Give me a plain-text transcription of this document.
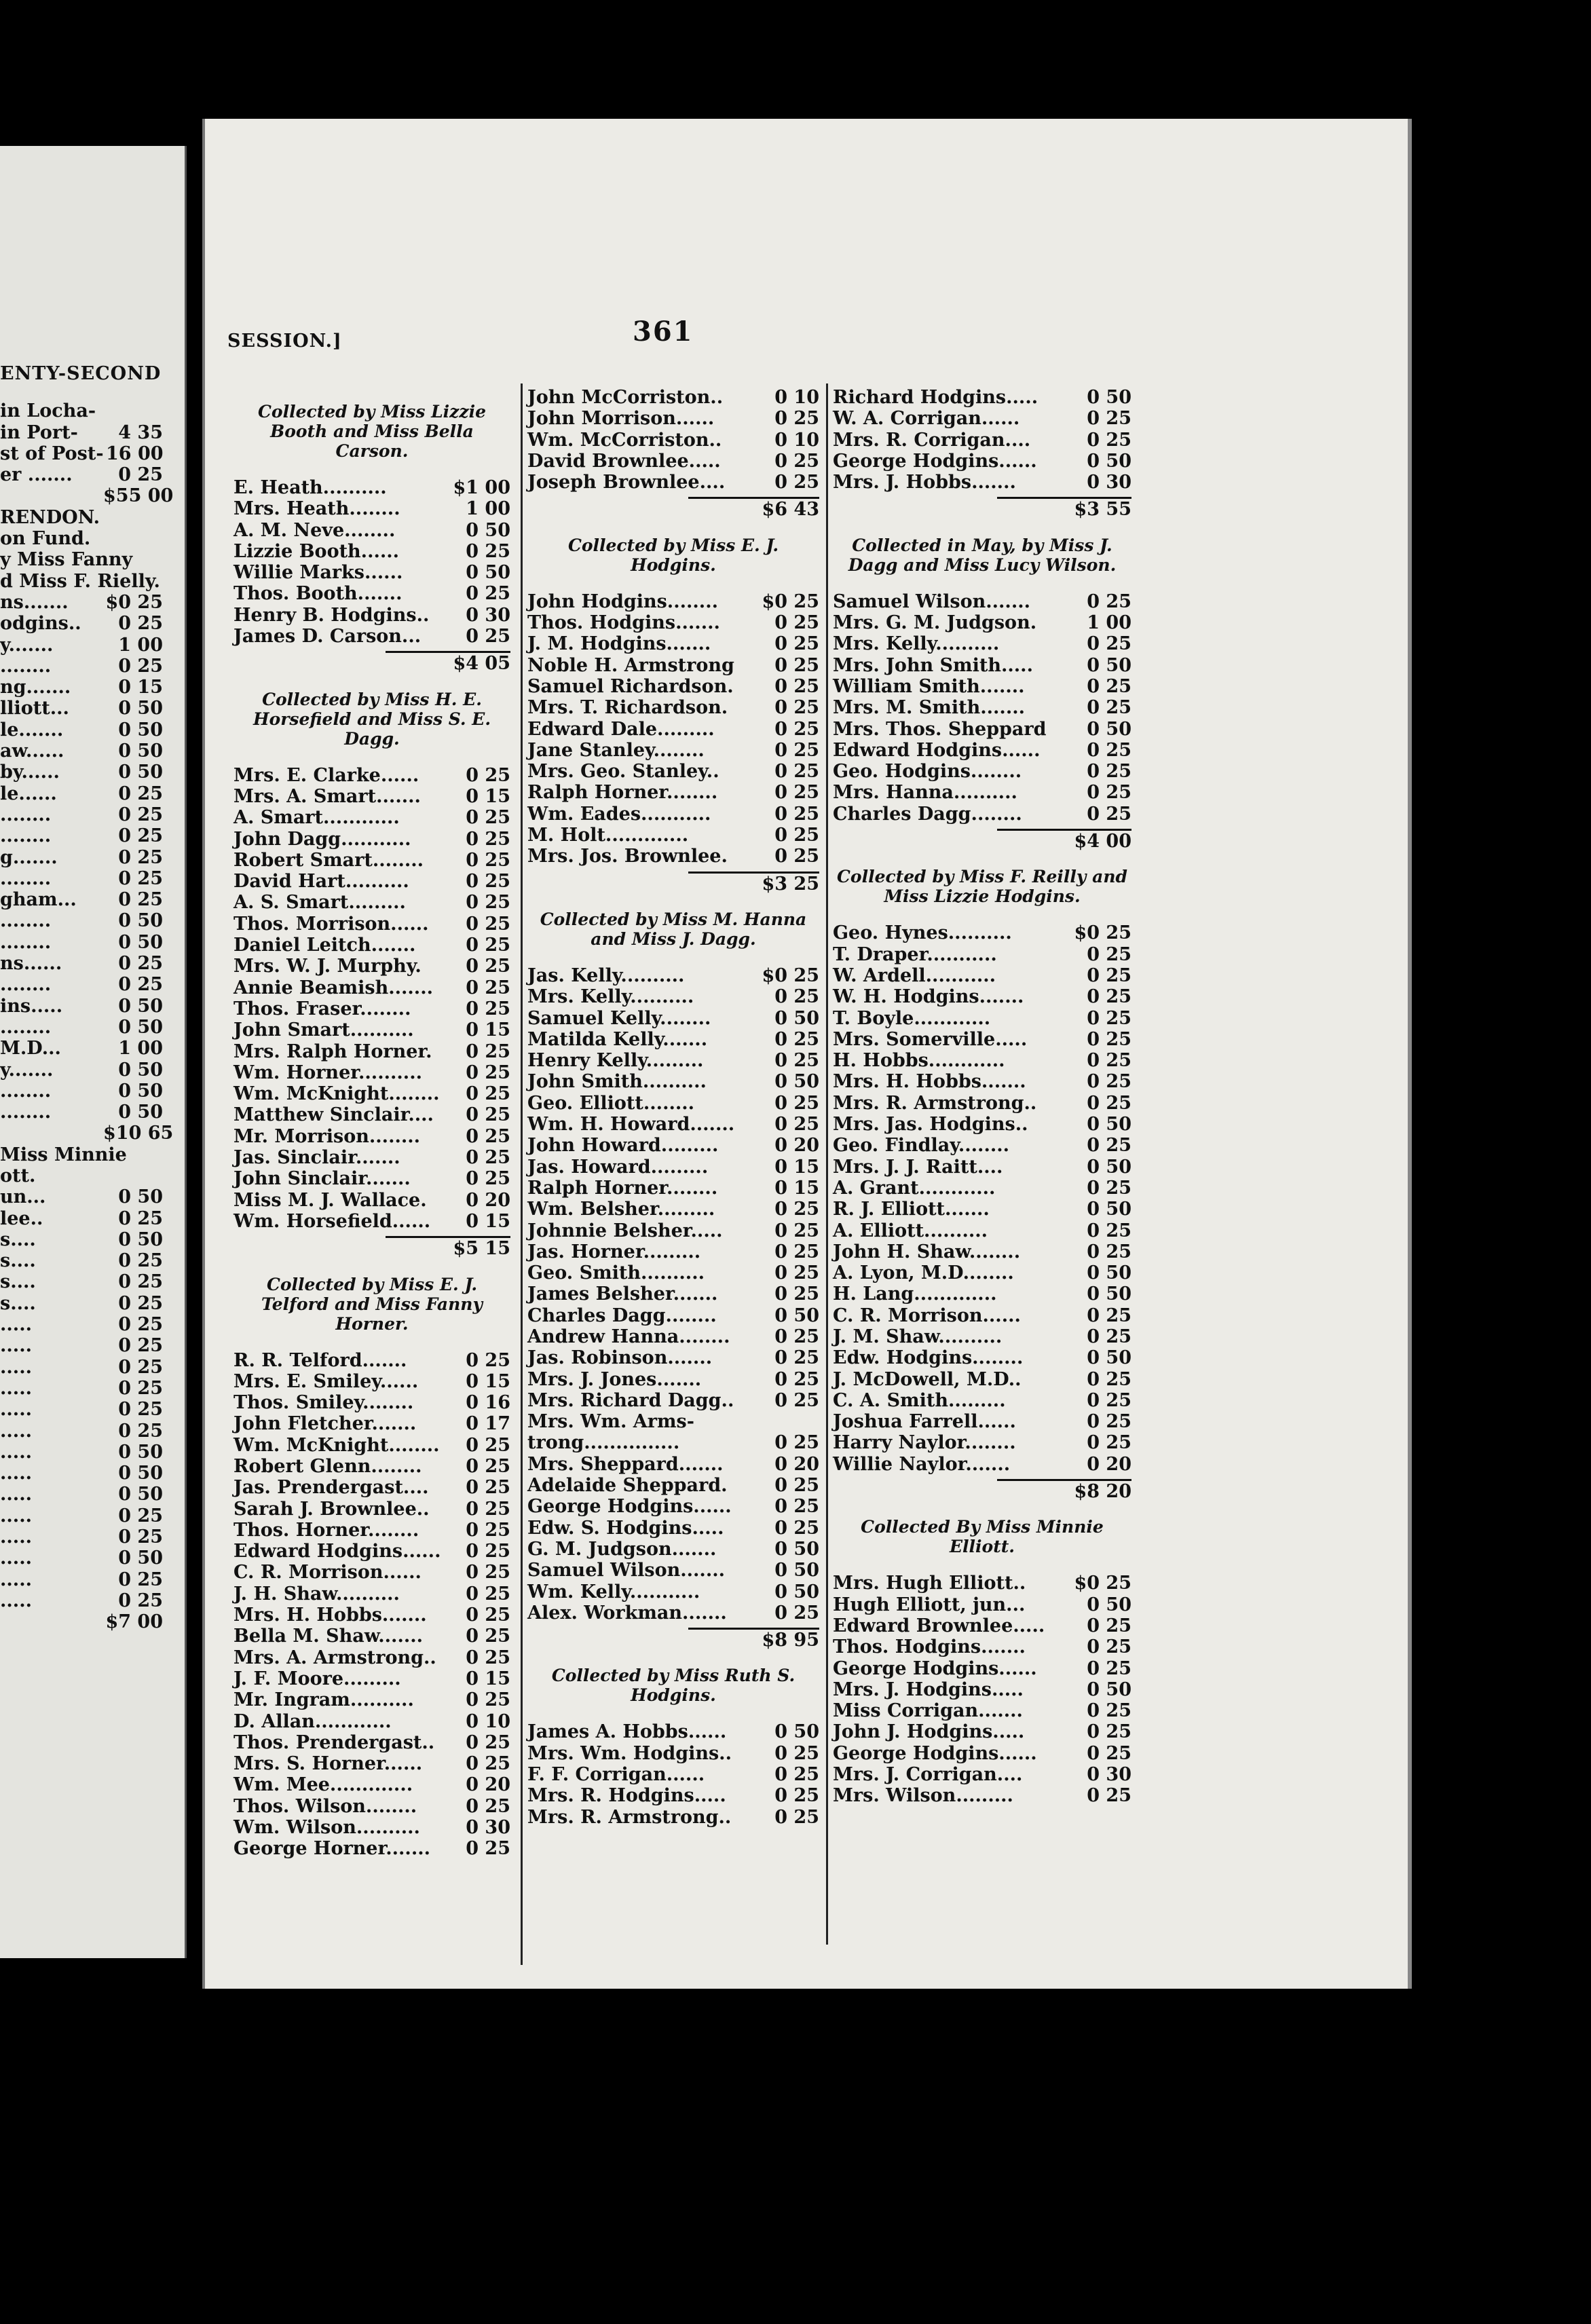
ENTY-SECOND
in Locha-
in Port-	4 35
st of Post- 16 00
er .......	0 25
$55 00
RENDON.
on Fund.
y Miss Fanny
d Miss F. Rielly.
ns.......	$0 25
odgins..	0 25
y.......	1 00
........	0 25
ng.......	0 15
lliott...	0 50
le.......	0 50
aw......	0 50
by......	0 50
le......	0 25
........	0 25
........	0 25
g.......	0 25
........	0 25
gham...	0 25
........	0 50
........	0 50
ns......	0 25
........	0 25
ins.....	0 50
........	0 50
M.D...	1 00
y.......	0 50
........	0 50
........	0 50
$10 65
Miss Minnie
ott.
un...	0 50
lee..	0 25
s....	0 50
s....	0 25
s....	0 25
s....	0 25
.....	0 25
.....	0 25
.....	0 25
.....	0 25
.....	0 25
.....	0 25
.....	0 50
.....	0 50
.....	0 50
.....	0 25
.....	0 25
.....	0 50
.....	0 25
.....	0 25
$7 00
SESSION.]	361
Collected by Miss Lizzie Booth and Miss Bella Carson.
E. Heath..........	$1 00
Mrs. Heath........	1 00
A. M. Neve........	0 50
Lizzie Booth......	0 25
Willie Marks......	0 50
Thos. Booth.......	0 25
Henry B. Hodgins..	0 30
James D. Carson...	0 25
$4 05
Collected by Miss H. E. Horsefield and Miss S. E. Dagg.
Mrs. E. Clarke......	0 25
Mrs. A. Smart.......	0 15
A. Smart............	0 25
John Dagg...........	0 25
Robert Smart........	0 25
David Hart..........	0 25
A. S. Smart.........	0 25
Thos. Morrison......	0 25
Daniel Leitch.......	0 25
Mrs. W. J. Murphy.	0 25
Annie Beamish.......	0 25
Thos. Fraser........	0 25
John Smart..........	0 15
Mrs. Ralph Horner.	0 25
Wm. Horner..........	0 25
Wm. McKnight........	0 25
Matthew Sinclair....	0 25
Mr. Morrison........	0 25
Jas. Sinclair.......	0 25
John Sinclair.......	0 25
Miss M. J. Wallace.	0 20
Wm. Horsefield......	0 15
$5 15
Collected by Miss E. J. Telford and Miss Fanny Horner.
R. R. Telford.......	0 25
Mrs. E. Smiley......	0 15
Thos. Smiley........	0 16
John Fletcher.......	0 17
Wm. McKnight........	0 25
Robert Glenn........	0 25
Jas. Prendergast....	0 25
Sarah J. Brownlee..	0 25
Thos. Horner........	0 25
Edward Hodgins......	0 25
C. R. Morrison......	0 25
J. H. Shaw..........	0 25
Mrs. H. Hobbs.......	0 25
Bella M. Shaw.......	0 25
Mrs. A. Armstrong..	0 25
J. F. Moore.........	0 15
Mr. Ingram..........	0 25
D. Allan............	0 10
Thos. Prendergast..	0 25
Mrs. S. Horner......	0 25
Wm. Mee.............	0 20
Thos. Wilson........	0 25
Wm. Wilson..........	0 30
George Horner.......	0 25
John McCorriston..	0 10
John Morrison......	0 25
Wm. McCorriston..	0 10
David Brownlee.....	0 25
Joseph Brownlee....	0 25
$6 43
Collected by Miss E. J. Hodgins.
John Hodgins........	$0 25
Thos. Hodgins.......	0 25
J. M. Hodgins.......	0 25
Noble H. Armstrong	0 25
Samuel Richardson.	0 25
Mrs. T. Richardson.	0 25
Edward Dale.........	0 25
Jane Stanley........	0 25
Mrs. Geo. Stanley..	0 25
Ralph Horner........	0 25
Wm. Eades...........	0 25
M. Holt.............	0 25
Mrs. Jos. Brownlee.	0 25
$3 25
Collected by Miss M. Hanna and Miss J. Dagg.
Jas. Kelly..........	$0 25
Mrs. Kelly..........	0 25
Samuel Kelly........	0 50
Matilda Kelly.......	0 25
Henry Kelly.........	0 25
John Smith..........	0 50
Geo. Elliott........	0 25
Wm. H. Howard.......	0 25
John Howard.........	0 20
Jas. Howard.........	0 15
Ralph Horner........	0 15
Wm. Belsher.........	0 25
Johnnie Belsher.....	0 25
Jas. Horner.........	0 25
Geo. Smith..........	0 25
James Belsher.......	0 25
Charles Dagg........	0 50
Andrew Hanna........	0 25
Jas. Robinson.......	0 25
Mrs. J. Jones.......	0 25
Mrs. Richard Dagg..	0 25
Mrs. Wm. Arms-
trong...............	0 25
Mrs. Sheppard.......	0 20
Adelaide Sheppard.	0 25
George Hodgins......	0 25
Edw. S. Hodgins.....	0 25
G. M. Judgson.......	0 50
Samuel Wilson.......	0 50
Wm. Kelly...........	0 50
Alex. Workman.......	0 25
$8 95
Collected by Miss Ruth S. Hodgins.
James A. Hobbs......	0 50
Mrs. Wm. Hodgins..	0 25
F. F. Corrigan......	0 25
Mrs. R. Hodgins.....	0 25
Mrs. R. Armstrong..	0 25
Richard Hodgins.....	0 50
W. A. Corrigan......	0 25
Mrs. R. Corrigan....	0 25
George Hodgins......	0 50
Mrs. J. Hobbs.......	0 30
$3 55
Collected in May, by Miss J. Dagg and Miss Lucy Wilson.
Samuel Wilson.......	0 25
Mrs. G. M. Judgson.	1 00
Mrs. Kelly..........	0 25
Mrs. John Smith.....	0 50
William Smith.......	0 25
Mrs. M. Smith.......	0 25
Mrs. Thos. Sheppard	0 50
Edward Hodgins......	0 25
Geo. Hodgins........	0 25
Mrs. Hanna..........	0 25
Charles Dagg........	0 25
$4 00
Collected by Miss F. Reilly and Miss Lizzie Hodgins.
Geo. Hynes..........	$0 25
T. Draper...........	0 25
W. Ardell...........	0 25
W. H. Hodgins.......	0 25
T. Boyle............	0 25
Mrs. Somerville.....	0 25
H. Hobbs............	0 25
Mrs. H. Hobbs.......	0 25
Mrs. R. Armstrong..	0 25
Mrs. Jas. Hodgins..	0 50
Geo. Findlay........	0 25
Mrs. J. J. Raitt....	0 50
A. Grant............	0 25
R. J. Elliott.......	0 50
A. Elliott..........	0 25
John H. Shaw........	0 25
A. Lyon, M.D........	0 50
H. Lang.............	0 50
C. R. Morrison......	0 25
J. M. Shaw..........	0 25
Edw. Hodgins........	0 50
J. McDowell, M.D..	0 25
C. A. Smith.........	0 25
Joshua Farrell......	0 25
Harry Naylor........	0 25
Willie Naylor.......	0 20
$8 20
Collected By Miss Minnie Elliott.
Mrs. Hugh Elliott..	$0 25
Hugh Elliott, jun...	0 50
Edward Brownlee.....	0 25
Thos. Hodgins.......	0 25
George Hodgins......	0 25
Mrs. J. Hodgins.....	0 50
Miss Corrigan.......	0 25
John J. Hodgins.....	0 25
George Hodgins......	0 25
Mrs. J. Corrigan....	0 30
Mrs. Wilson.........	0 25
